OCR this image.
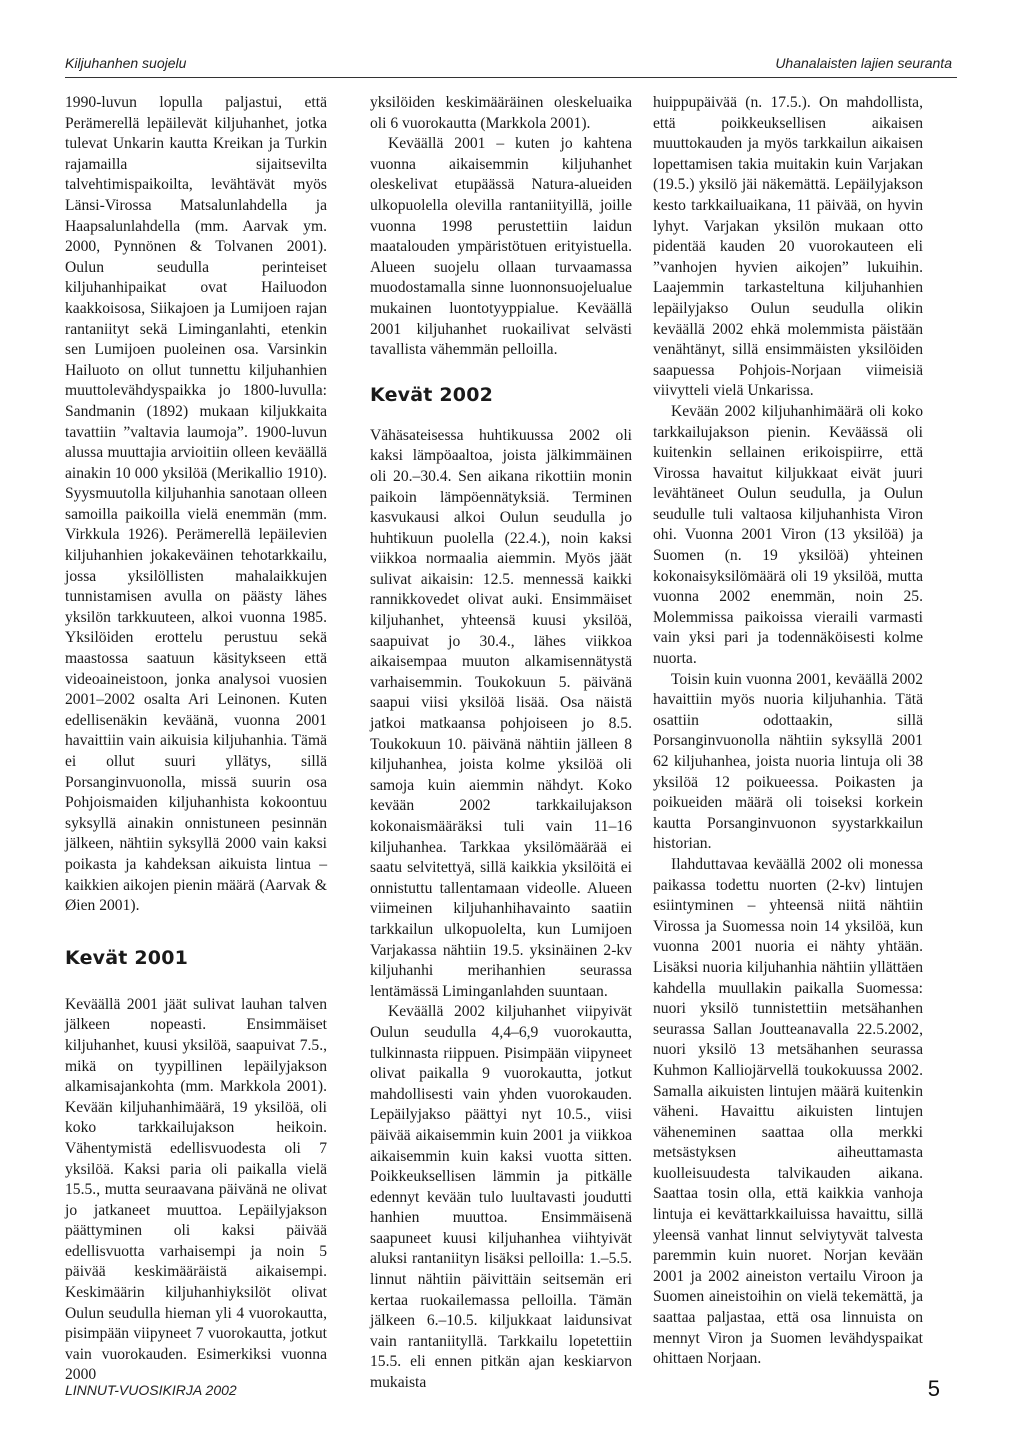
Kiljuhanhen suojelu	Uhanalaisten lajien seuranta

1990-luvun lopulla paljastui, että Perämerellä lepäilevät kiljuhanhet, jotka tulevat Unkarin kautta Kreikan ja Turkin rajamailla sijaitsevilta talvehtimispaikoilta, levähtävät myös Länsi-Virossa Matsalunlahdella ja Haapsalunlahdella (mm. Aarvak ym. 2000, Pynnönen & Tolvanen 2001). Oulun seudulla perinteiset kiljuhanhipaikat ovat Hailuodon kaakkoisosa, Siikajoen ja Lumijoen rajan rantaniityt sekä Liminganlahti, etenkin sen Lumijoen puoleinen osa. Varsinkin Hailuoto on ollut tunnettu kiljuhanhien muuttolevähdyspaikka jo 1800-luvulla: Sandmanin (1892) mukaan kiljukkaita tavattiin ”valtavia laumoja”. 1900-luvun alussa muuttajia arvioitiin olleen keväällä ainakin 10 000 yksilöä (Merikallio 1910). Syysmuutolla kiljuhanhia sanotaan olleen samoilla paikoilla vielä enemmän (mm. Virkkula 1926). Perämerellä lepäilevien kiljuhanhien jokakeväinen tehotarkkailu, jossa yksilöllisten mahalaikkujen tunnistamisen avulla on päästy lähes yksilön tarkkuuteen, alkoi vuonna 1985. Yksilöiden erottelu perustuu sekä maastossa saatuun käsitykseen että videoaineistoon, jonka analysoi vuosien 2001–2002 osalta Ari Leinonen. Kuten edellisenäkin keväänä, vuonna 2001 havaittiin vain aikuisia kiljuhanhia. Tämä ei ollut suuri yllätys, sillä Porsanginvuonolla, missä suurin osa Pohjoismaiden kiljuhanhista kokoontuu syksyllä ainakin onnistuneen pesinnän jälkeen, nähtiin syksyllä 2000 vain kaksi poikasta ja kahdeksan aikuista lintua – kaikkien aikojen pienin määrä (Aarvak & Øien 2001).

Kevät 2001

Keväällä 2001 jäät sulivat lauhan talven jälkeen nopeasti. Ensimmäiset kiljuhanhet, kuusi yksilöä, saapuivat 7.5., mikä on tyypillinen lepäilyjakson alkamisajankohta (mm. Markkola 2001). Kevään kiljuhanhimäärä, 19 yksilöä, oli koko tarkkailujakson heikoin. Vähentymistä edellisvuodesta oli 7 yksilöä. Kaksi paria oli paikalla vielä 15.5., mutta seuraavana päivänä ne olivat jo jatkaneet muuttoa. Lepäilyjakson päättyminen oli kaksi päivää edellisvuotta varhaisempi ja noin 5 päivää keskimääräistä aikaisempi. Keskimäärin kiljuhanhiyksilöt olivat Oulun seudulla hieman yli 4 vuorokautta, pisimpään viipyneet 7 vuorokautta, jotkut vain vuorokauden. Esimerkiksi vuonna 2000

yksilöiden keskimääräinen oleskeluaika oli 6 vuorokautta (Markkola 2001).

Keväällä 2001 – kuten jo kahtena vuonna aikaisemmin kiljuhanhet oleskelivat etupäässä Natura-alueiden ulkopuolella olevilla rantaniityillä, joille vuonna 1998 perustettiin laidun maatalouden ympäristötuen erityistuella. Alueen suojelu ollaan turvaamassa muodostamalla sinne luonnonsuojelualue mukainen luontotyyppialue. Keväällä 2001 kiljuhanhet ruokailivat selvästi tavallista vähemmän pelloilla.

Kevät 2002

Vähäsateisessa huhtikuussa 2002 oli kaksi lämpöaaltoa, joista jälkimmäinen oli 20.–30.4. Sen aikana rikottiin monin paikoin lämpöennätyksiä. Terminen kasvukausi alkoi Oulun seudulla jo huhtikuun puolella (22.4.), noin kaksi viikkoa normaalia aiemmin. Myös jäät sulivat aikaisin: 12.5. mennessä kaikki rannikkovedet olivat auki. Ensimmäiset kiljuhanhet, yhteensä kuusi yksilöä, saapuivat jo 30.4., lähes viikkoa aikaisempaa muuton alkamisennätystä varhaisemmin. Toukokuun 5. päivänä saapui viisi yksilöä lisää. Osa näistä jatkoi matkaansa pohjoiseen jo 8.5. Toukokuun 10. päivänä nähtiin jälleen 8 kiljuhanhea, joista kolme yksilöä oli samoja kuin aiemmin nähdyt. Koko kevään 2002 tarkkailujakson kokonaismääräksi tuli vain 11–16 kiljuhanhea. Tarkkaa yksilömäärää ei saatu selvitettyä, sillä kaikkia yksilöitä ei onnistuttu tallentamaan videolle. Alueen viimeinen kiljuhanhihavainto saatiin tarkkailun ulkopuolelta, kun Lumijoen Varjakassa nähtiin 19.5. yksinäinen 2-kv kiljuhanhi merihanhien seurassa lentämässä Liminganlahden suuntaan.

Keväällä 2002 kiljuhanhet viipyivät Oulun seudulla 4,4–6,9 vuorokautta, tulkinnasta riippuen. Pisimpään viipyneet olivat paikalla 9 vuorokautta, jotkut mahdollisesti vain yhden vuorokauden. Lepäilyjakso päättyi nyt 10.5., viisi päivää aikaisemmin kuin 2001 ja viikkoa aikaisemmin kuin kaksi vuotta sitten. Poikkeuksellisen lämmin ja pitkälle edennyt kevään tulo luultavasti joudutti hanhien muuttoa. Ensimmäisenä saapuneet kuusi kiljuhanhea viihtyivät aluksi rantaniityn lisäksi pelloilla: 1.–5.5. linnut nähtiin päivittäin seitsemän eri kertaa ruokailemassa pelloilla. Tämän jälkeen 6.–10.5. kiljukkaat laidunsivat vain rantaniityllä. Tarkkailu lopetettiin 15.5. eli ennen pitkän ajan keskiarvon mukaista

huippupäivää (n. 17.5.). On mahdollista, että poikkeuksellisen aikaisen muuttokauden ja myös tarkkailun aikaisen lopettamisen takia muitakin kuin Varjakan (19.5.) yksilö jäi näkemättä. Lepäilyjakson kesto tarkkailuaikana, 11 päivää, on hyvin lyhyt. Varjakan yksilön mukaan otto pidentää kauden 20 vuorokauteen eli ”vanhojen hyvien aikojen” lukuihin. Laajemmin tarkasteltuna kiljuhanhien lepäilyjakso Oulun seudulla olikin keväällä 2002 ehkä molemmista päistään venähtänyt, sillä ensimmäisten yksilöiden saapuessa Pohjois-Norjaan viimeisiä viivytteli vielä Unkarissa.

Kevään 2002 kiljuhanhimäärä oli koko tarkkailujakson pienin. Keväässä oli kuitenkin sellainen erikoispiirre, että Virossa havaitut kiljukkaat eivät juuri levähtäneet Oulun seudulla, ja Oulun seudulle tuli valtaosa kiljuhanhista Viron ohi. Vuonna 2001 Viron (13 yksilöä) ja Suomen (n. 19 yksilöä) yhteinen kokonaisyksilömäärä oli 19 yksilöä, mutta vuonna 2002 enemmän, noin 25. Molemmissa paikoissa vieraili varmasti vain yksi pari ja todennäköisesti kolme nuorta.

Toisin kuin vuonna 2001, keväällä 2002 havaittiin myös nuoria kiljuhanhia. Tätä osattiin odottaakin, sillä Porsanginvuonolla nähtiin syksyllä 2001 62 kiljuhanhea, joista nuoria lintuja oli 38 yksilöä 12 poikueessa. Poikasten ja poikueiden määrä oli toiseksi korkein kautta Porsanginvuonon syystarkkailun historian.

Ilahduttavaa keväällä 2002 oli monessa paikassa todettu nuorten (2-kv) lintujen esiintyminen – yhteensä niitä nähtiin Virossa ja Suomessa noin 14 yksilöä, kun vuonna 2001 nuoria ei nähty yhtään. Lisäksi nuoria kiljuhanhia nähtiin yllättäen kahdella muullakin paikalla Suomessa: nuori yksilö tunnistettiin metsähanhen seurassa Sallan Joutteanavalla 22.5.2002, nuori yksilö 13 metsähanhen seurassa Kuhmon Kalliojärvellä toukokuussa 2002. Samalla aikuisten lintujen määrä kuitenkin väheni. Havaittu aikuisten lintujen väheneminen saattaa olla merkki metsästyksen aiheuttamasta kuolleisuudesta talvikauden aikana. Saattaa tosin olla, että kaikkia vanhoja lintuja ei kevättarkkailuissa havaittu, sillä yleensä vanhat linnut selviytyvät talvesta paremmin kuin nuoret. Norjan kevään 2001 ja 2002 aineiston vertailu Viroon ja Suomen aineistoihin on vielä tekemättä, ja saattaa paljastaa, että osa linnuista on mennyt Viron ja Suomen levähdyspaikat ohittaen Norjaan.

LINNUT-VUOSIKIRJA 2002	5
